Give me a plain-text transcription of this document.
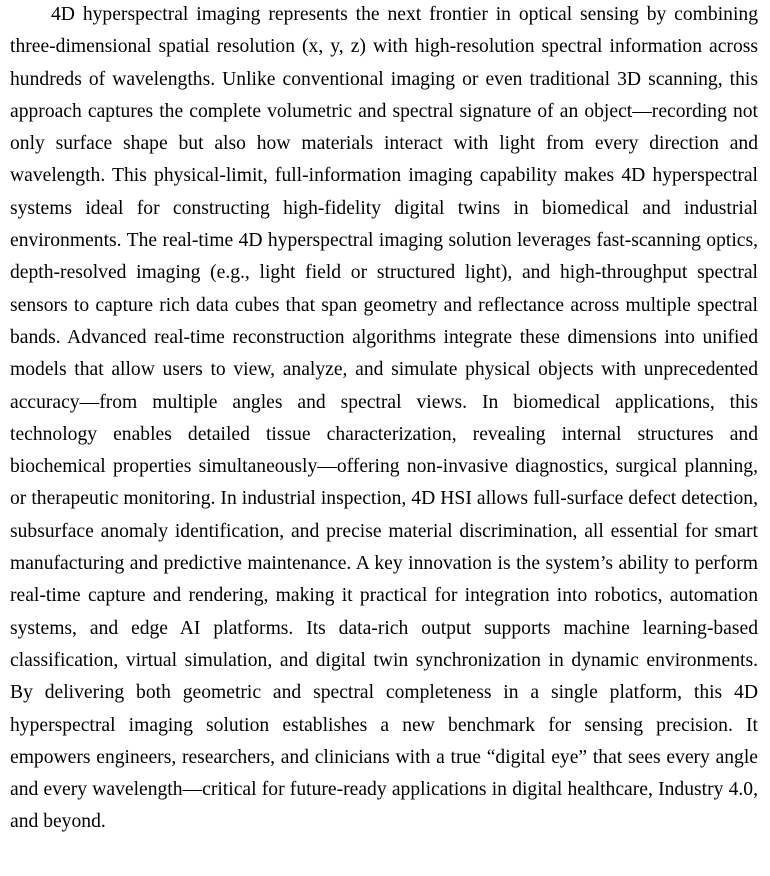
4D hyperspectral imaging represents the next frontier in optical sensing by combining three-dimensional spatial resolution (x, y, z) with high-resolution spectral information across hundreds of wavelengths. Unlike conventional imaging or even traditional 3D scanning, this approach captures the complete volumetric and spectral signature of an object—recording not only surface shape but also how materials interact with light from every direction and wavelength. This physical-limit, full-information imaging capability makes 4D hyperspectral systems ideal for constructing high-fidelity digital twins in biomedical and industrial environments. The real-time 4D hyperspectral imaging solution leverages fast-scanning optics, depth-resolved imaging (e.g., light field or structured light), and high-throughput spectral sensors to capture rich data cubes that span geometry and reflectance across multiple spectral bands. Advanced real-time reconstruction algorithms integrate these dimensions into unified models that allow users to view, analyze, and simulate physical objects with unprecedented accuracy—from multiple angles and spectral views. In biomedical applications, this technology enables detailed tissue characterization, revealing internal structures and biochemical properties simultaneously—offering non-invasive diagnostics, surgical planning, or therapeutic monitoring. In industrial inspection, 4D HSI allows full-surface defect detection, subsurface anomaly identification, and precise material discrimination, all essential for smart manufacturing and predictive maintenance. A key innovation is the system’s ability to perform real-time capture and rendering, making it practical for integration into robotics, automation systems, and edge AI platforms. Its data-rich output supports machine learning-based classification, virtual simulation, and digital twin synchronization in dynamic environments.  By delivering both geometric and spectral completeness in a single platform, this 4D hyperspectral imaging solution establishes a new benchmark for sensing precision. It empowers engineers, researchers, and clinicians with a true “digital eye” that sees every angle and every wavelength—critical for future-ready applications in digital healthcare, Industry 4.0, and beyond.
